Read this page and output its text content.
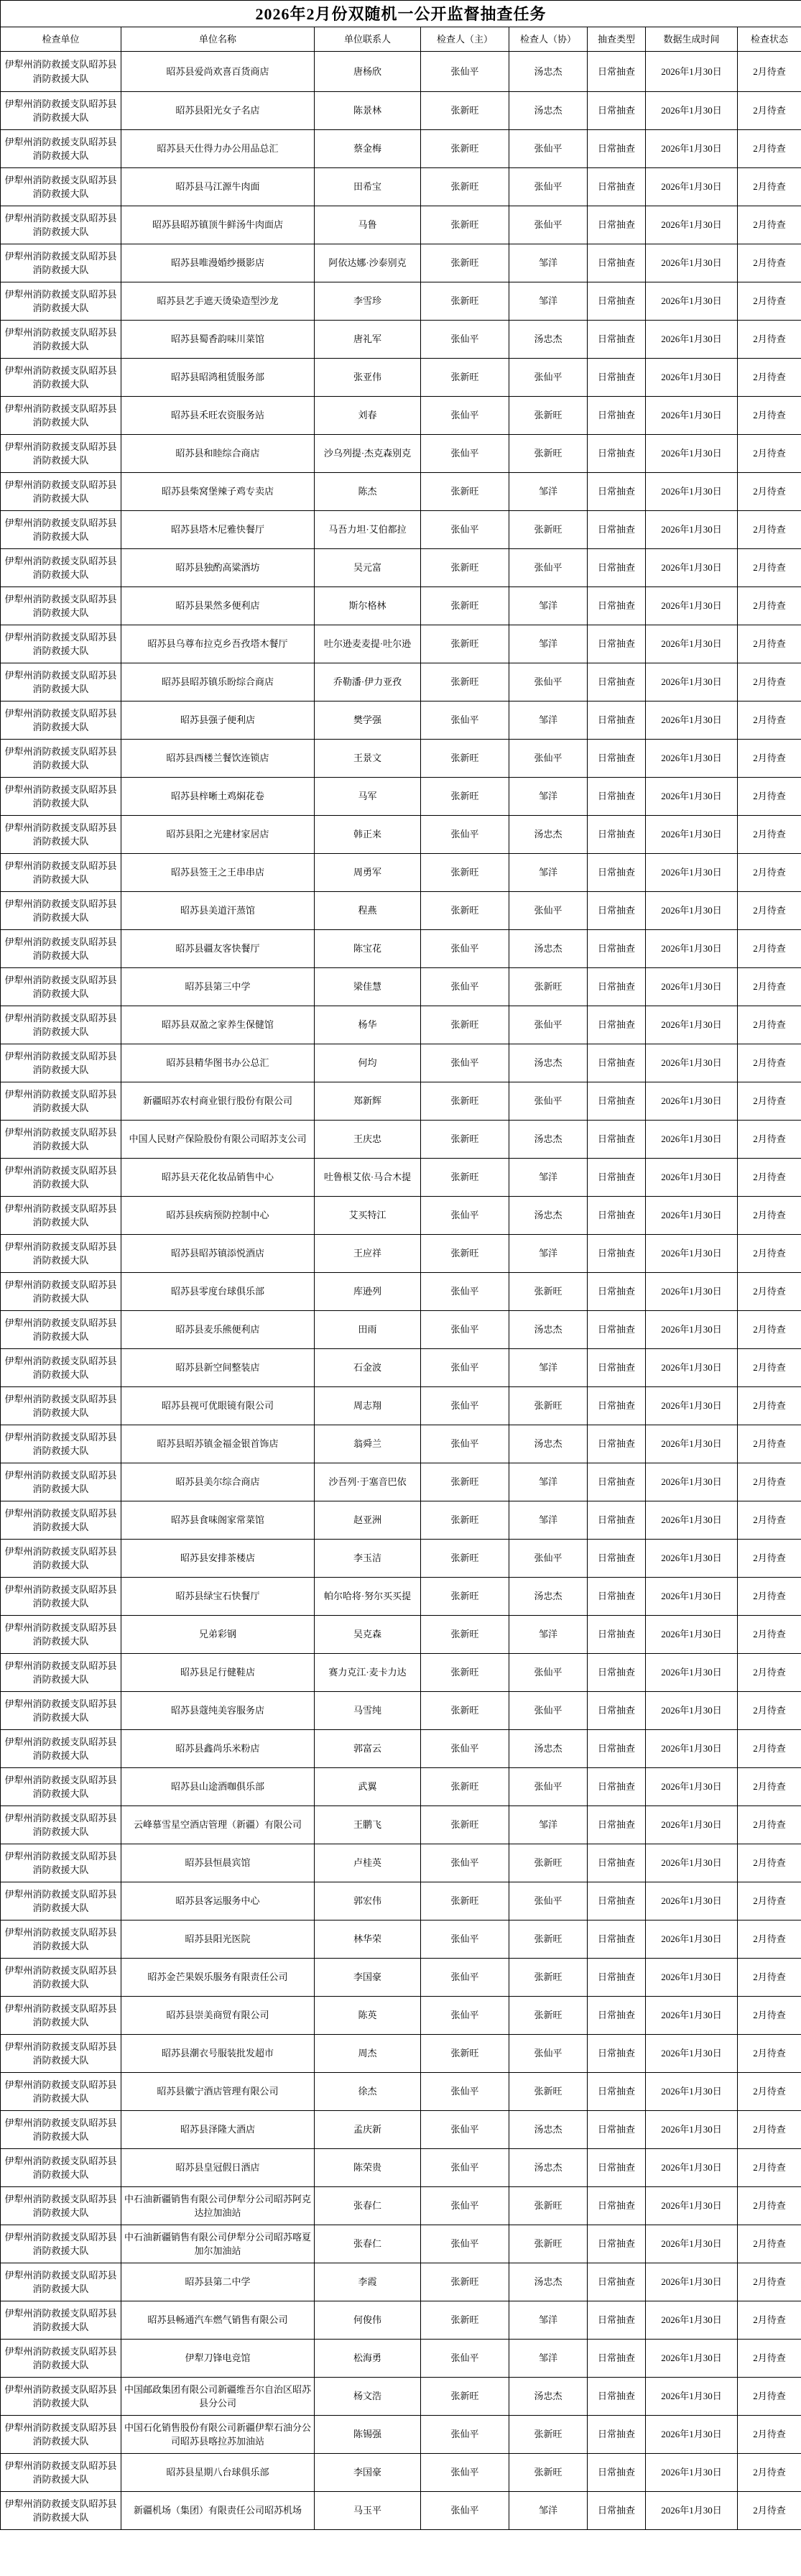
2026年2月份双随机一公开监督抽查任务							
检查单位	单位名称	单位联系人	检查人（主）	检查人（协）	抽查类型	数据生成时间	检查状态
伊犁州消防救援支队昭苏县消防救援大队	昭苏县爱尚欢喜百货商店	唐杨欣	张仙平	汤忠杰	日常抽查	2026年1月30日	2月待查
伊犁州消防救援支队昭苏县消防救援大队	昭苏县阳光女子名店	陈景林	张新旺	汤忠杰	日常抽查	2026年1月30日	2月待查
伊犁州消防救援支队昭苏县消防救援大队	昭苏县天仕得力办公用品总汇	蔡金梅	张新旺	张仙平	日常抽查	2026年1月30日	2月待查
伊犁州消防救援支队昭苏县消防救援大队	昭苏县马江源牛肉面	田希宝	张新旺	张仙平	日常抽查	2026年1月30日	2月待查
伊犁州消防救援支队昭苏县消防救援大队	昭苏县昭苏镇顶牛鲜汤牛肉面店	马鲁	张新旺	张仙平	日常抽查	2026年1月30日	2月待查
伊犁州消防救援支队昭苏县消防救援大队	昭苏县唯漫婚纱摄影店	阿依达娜·沙泰别克	张新旺	邹洋	日常抽查	2026年1月30日	2月待查
伊犁州消防救援支队昭苏县消防救援大队	昭苏县艺手遮天烫染造型沙龙	李雪珍	张新旺	邹洋	日常抽查	2026年1月30日	2月待查
伊犁州消防救援支队昭苏县消防救援大队	昭苏县蜀香韵味川菜馆	唐礼军	张仙平	汤忠杰	日常抽查	2026年1月30日	2月待查
伊犁州消防救援支队昭苏县消防救援大队	昭苏县昭鸿租赁服务部	张亚伟	张新旺	张仙平	日常抽查	2026年1月30日	2月待查
伊犁州消防救援支队昭苏县消防救援大队	昭苏县禾旺农资服务站	刘春	张仙平	张新旺	日常抽查	2026年1月30日	2月待查
伊犁州消防救援支队昭苏县消防救援大队	昭苏县和睦综合商店	沙乌列提·杰克森别克	张仙平	张新旺	日常抽查	2026年1月30日	2月待查
伊犁州消防救援支队昭苏县消防救援大队	昭苏县柴窝堡辣子鸡专卖店	陈杰	张新旺	邹洋	日常抽查	2026年1月30日	2月待查
伊犁州消防救援支队昭苏县消防救援大队	昭苏县塔木尼雅快餐厅	马吾力坦·艾伯都拉	张仙平	张新旺	日常抽查	2026年1月30日	2月待查
伊犁州消防救援支队昭苏县消防救援大队	昭苏县独酌高粱酒坊	吴元富	张新旺	张仙平	日常抽查	2026年1月30日	2月待查
伊犁州消防救援支队昭苏县消防救援大队	昭苏县果然多便利店	斯尔格林	张新旺	邹洋	日常抽查	2026年1月30日	2月待查
伊犁州消防救援支队昭苏县消防救援大队	昭苏县乌尊布拉克乡吾孜塔木餐厅	吐尔逊麦麦提·吐尔逊	张新旺	邹洋	日常抽查	2026年1月30日	2月待查
伊犁州消防救援支队昭苏县消防救援大队	昭苏县昭苏镇乐盼综合商店	乔勒潘·伊力亚孜	张新旺	张仙平	日常抽查	2026年1月30日	2月待查
伊犁州消防救援支队昭苏县消防救援大队	昭苏县强子便利店	樊学强	张仙平	邹洋	日常抽查	2026年1月30日	2月待查
伊犁州消防救援支队昭苏县消防救援大队	昭苏县西楼兰餐饮连锁店	王景文	张新旺	张仙平	日常抽查	2026年1月30日	2月待查
伊犁州消防救援支队昭苏县消防救援大队	昭苏县梓晰土鸡焖花卷	马军	张新旺	邹洋	日常抽查	2026年1月30日	2月待查
伊犁州消防救援支队昭苏县消防救援大队	昭苏县阳之光建材家居店	韩正来	张仙平	汤忠杰	日常抽查	2026年1月30日	2月待查
伊犁州消防救援支队昭苏县消防救援大队	昭苏县签王之王串串店	周勇军	张新旺	邹洋	日常抽查	2026年1月30日	2月待查
伊犁州消防救援支队昭苏县消防救援大队	昭苏县美道汗蒸馆	程燕	张新旺	张仙平	日常抽查	2026年1月30日	2月待查
伊犁州消防救援支队昭苏县消防救援大队	昭苏县疆友客快餐厅	陈宝花	张仙平	汤忠杰	日常抽查	2026年1月30日	2月待查
伊犁州消防救援支队昭苏县消防救援大队	昭苏县第三中学	梁佳慧	张仙平	张新旺	日常抽查	2026年1月30日	2月待查
伊犁州消防救援支队昭苏县消防救援大队	昭苏县双盈之家养生保健馆	杨华	张新旺	张仙平	日常抽查	2026年1月30日	2月待查
伊犁州消防救援支队昭苏县消防救援大队	昭苏县精华图书办公总汇	何均	张仙平	汤忠杰	日常抽查	2026年1月30日	2月待查
伊犁州消防救援支队昭苏县消防救援大队	新疆昭苏农村商业银行股份有限公司	郑新辉	张新旺	张仙平	日常抽查	2026年1月30日	2月待查
伊犁州消防救援支队昭苏县消防救援大队	中国人民财产保险股份有限公司昭苏支公司	王庆忠	张新旺	汤忠杰	日常抽查	2026年1月30日	2月待查
伊犁州消防救援支队昭苏县消防救援大队	昭苏县天花化妆品销售中心	吐鲁根艾依·马合木提	张新旺	邹洋	日常抽查	2026年1月30日	2月待查
伊犁州消防救援支队昭苏县消防救援大队	昭苏县疾病预防控制中心	艾买特江	张仙平	汤忠杰	日常抽查	2026年1月30日	2月待查
伊犁州消防救援支队昭苏县消防救援大队	昭苏县昭苏镇添悦酒店	王应祥	张新旺	邹洋	日常抽查	2026年1月30日	2月待查
伊犁州消防救援支队昭苏县消防救援大队	昭苏县零度台球俱乐部	库逊列	张仙平	张新旺	日常抽查	2026年1月30日	2月待查
伊犁州消防救援支队昭苏县消防救援大队	昭苏县麦乐熊便利店	田雨	张仙平	汤忠杰	日常抽查	2026年1月30日	2月待查
伊犁州消防救援支队昭苏县消防救援大队	昭苏县新空间整装店	石金波	张仙平	邹洋	日常抽查	2026年1月30日	2月待查
伊犁州消防救援支队昭苏县消防救援大队	昭苏县视可优眼镜有限公司	周志翔	张仙平	张新旺	日常抽查	2026年1月30日	2月待查
伊犁州消防救援支队昭苏县消防救援大队	昭苏县昭苏镇金福金银首饰店	翁舜兰	张仙平	汤忠杰	日常抽查	2026年1月30日	2月待查
伊犁州消防救援支队昭苏县消防救援大队	昭苏县美尔综合商店	沙吾列·于塞音巴依	张新旺	邹洋	日常抽查	2026年1月30日	2月待查
伊犁州消防救援支队昭苏县消防救援大队	昭苏县食味阁家常菜馆	赵亚洲	张新旺	邹洋	日常抽查	2026年1月30日	2月待查
伊犁州消防救援支队昭苏县消防救援大队	昭苏县安排茶楼店	李玉洁	张新旺	张仙平	日常抽查	2026年1月30日	2月待查
伊犁州消防救援支队昭苏县消防救援大队	昭苏县绿宝石快餐厅	帕尔哈将·努尔买买提	张新旺	汤忠杰	日常抽查	2026年1月30日	2月待查
伊犁州消防救援支队昭苏县消防救援大队	兄弟彩钢	吴克森	张新旺	邹洋	日常抽查	2026年1月30日	2月待查
伊犁州消防救援支队昭苏县消防救援大队	昭苏县足行健鞋店	赛力克江·麦卡力达	张新旺	张仙平	日常抽查	2026年1月30日	2月待查
伊犁州消防救援支队昭苏县消防救援大队	昭苏县蔻纯美容服务店	马雪纯	张新旺	张仙平	日常抽查	2026年1月30日	2月待查
伊犁州消防救援支队昭苏县消防救援大队	昭苏县鑫尚乐米粉店	郭富云	张仙平	汤忠杰	日常抽查	2026年1月30日	2月待查
伊犁州消防救援支队昭苏县消防救援大队	昭苏县山途酒咖俱乐部	武翼	张新旺	张仙平	日常抽查	2026年1月30日	2月待查
伊犁州消防救援支队昭苏县消防救援大队	云峰慕雪星空酒店管理（新疆）有限公司	王鹏飞	张新旺	邹洋	日常抽查	2026年1月30日	2月待查
伊犁州消防救援支队昭苏县消防救援大队	昭苏县恒晨宾馆	卢桂英	张仙平	张新旺	日常抽查	2026年1月30日	2月待查
伊犁州消防救援支队昭苏县消防救援大队	昭苏县客运服务中心	郭宏伟	张新旺	张仙平	日常抽查	2026年1月30日	2月待查
伊犁州消防救援支队昭苏县消防救援大队	昭苏县阳光医院	林华荣	张仙平	张新旺	日常抽查	2026年1月30日	2月待查
伊犁州消防救援支队昭苏县消防救援大队	昭苏金芒果娱乐服务有限责任公司	李国豪	张仙平	张新旺	日常抽查	2026年1月30日	2月待查
伊犁州消防救援支队昭苏县消防救援大队	昭苏县崇美商贸有限公司	陈英	张仙平	张新旺	日常抽查	2026年1月30日	2月待查
伊犁州消防救援支队昭苏县消防救援大队	昭苏县潮衣号服装批发超市	周杰	张新旺	张仙平	日常抽查	2026年1月30日	2月待查
伊犁州消防救援支队昭苏县消防救援大队	昭苏县徽宁酒店管理有限公司	徐杰	张仙平	张新旺	日常抽查	2026年1月30日	2月待查
伊犁州消防救援支队昭苏县消防救援大队	昭苏县泽隆大酒店	孟庆新	张仙平	汤忠杰	日常抽查	2026年1月30日	2月待查
伊犁州消防救援支队昭苏县消防救援大队	昭苏县皇冠假日酒店	陈荣贵	张仙平	汤忠杰	日常抽查	2026年1月30日	2月待查
伊犁州消防救援支队昭苏县消防救援大队	中石油新疆销售有限公司伊犁分公司昭苏阿克达拉加油站	张春仁	张仙平	张新旺	日常抽查	2026年1月30日	2月待查
伊犁州消防救援支队昭苏县消防救援大队	中石油新疆销售有限公司伊犁分公司昭苏喀夏加尔加油站	张春仁	张仙平	张新旺	日常抽查	2026年1月30日	2月待查
伊犁州消防救援支队昭苏县消防救援大队	昭苏县第二中学	李霞	张新旺	汤忠杰	日常抽查	2026年1月30日	2月待查
伊犁州消防救援支队昭苏县消防救援大队	昭苏县畅通汽车燃气销售有限公司	何俊伟	张新旺	邹洋	日常抽查	2026年1月30日	2月待查
伊犁州消防救援支队昭苏县消防救援大队	伊犁刀锋电竞馆	松海勇	张仙平	邹洋	日常抽查	2026年1月30日	2月待查
伊犁州消防救援支队昭苏县消防救援大队	中国邮政集团有限公司新疆维吾尔自治区昭苏县分公司	杨文浩	张新旺	汤忠杰	日常抽查	2026年1月30日	2月待查
伊犁州消防救援支队昭苏县消防救援大队	中国石化销售股份有限公司新疆伊犁石油分公司昭苏县喀拉苏加油站	陈锡强	张仙平	张新旺	日常抽查	2026年1月30日	2月待查
伊犁州消防救援支队昭苏县消防救援大队	昭苏县星期八台球俱乐部	李国豪	张仙平	张新旺	日常抽查	2026年1月30日	2月待查
伊犁州消防救援支队昭苏县消防救援大队	新疆机场（集团）有限责任公司昭苏机场	马玉平	张仙平	邹洋	日常抽查	2026年1月30日	2月待查
